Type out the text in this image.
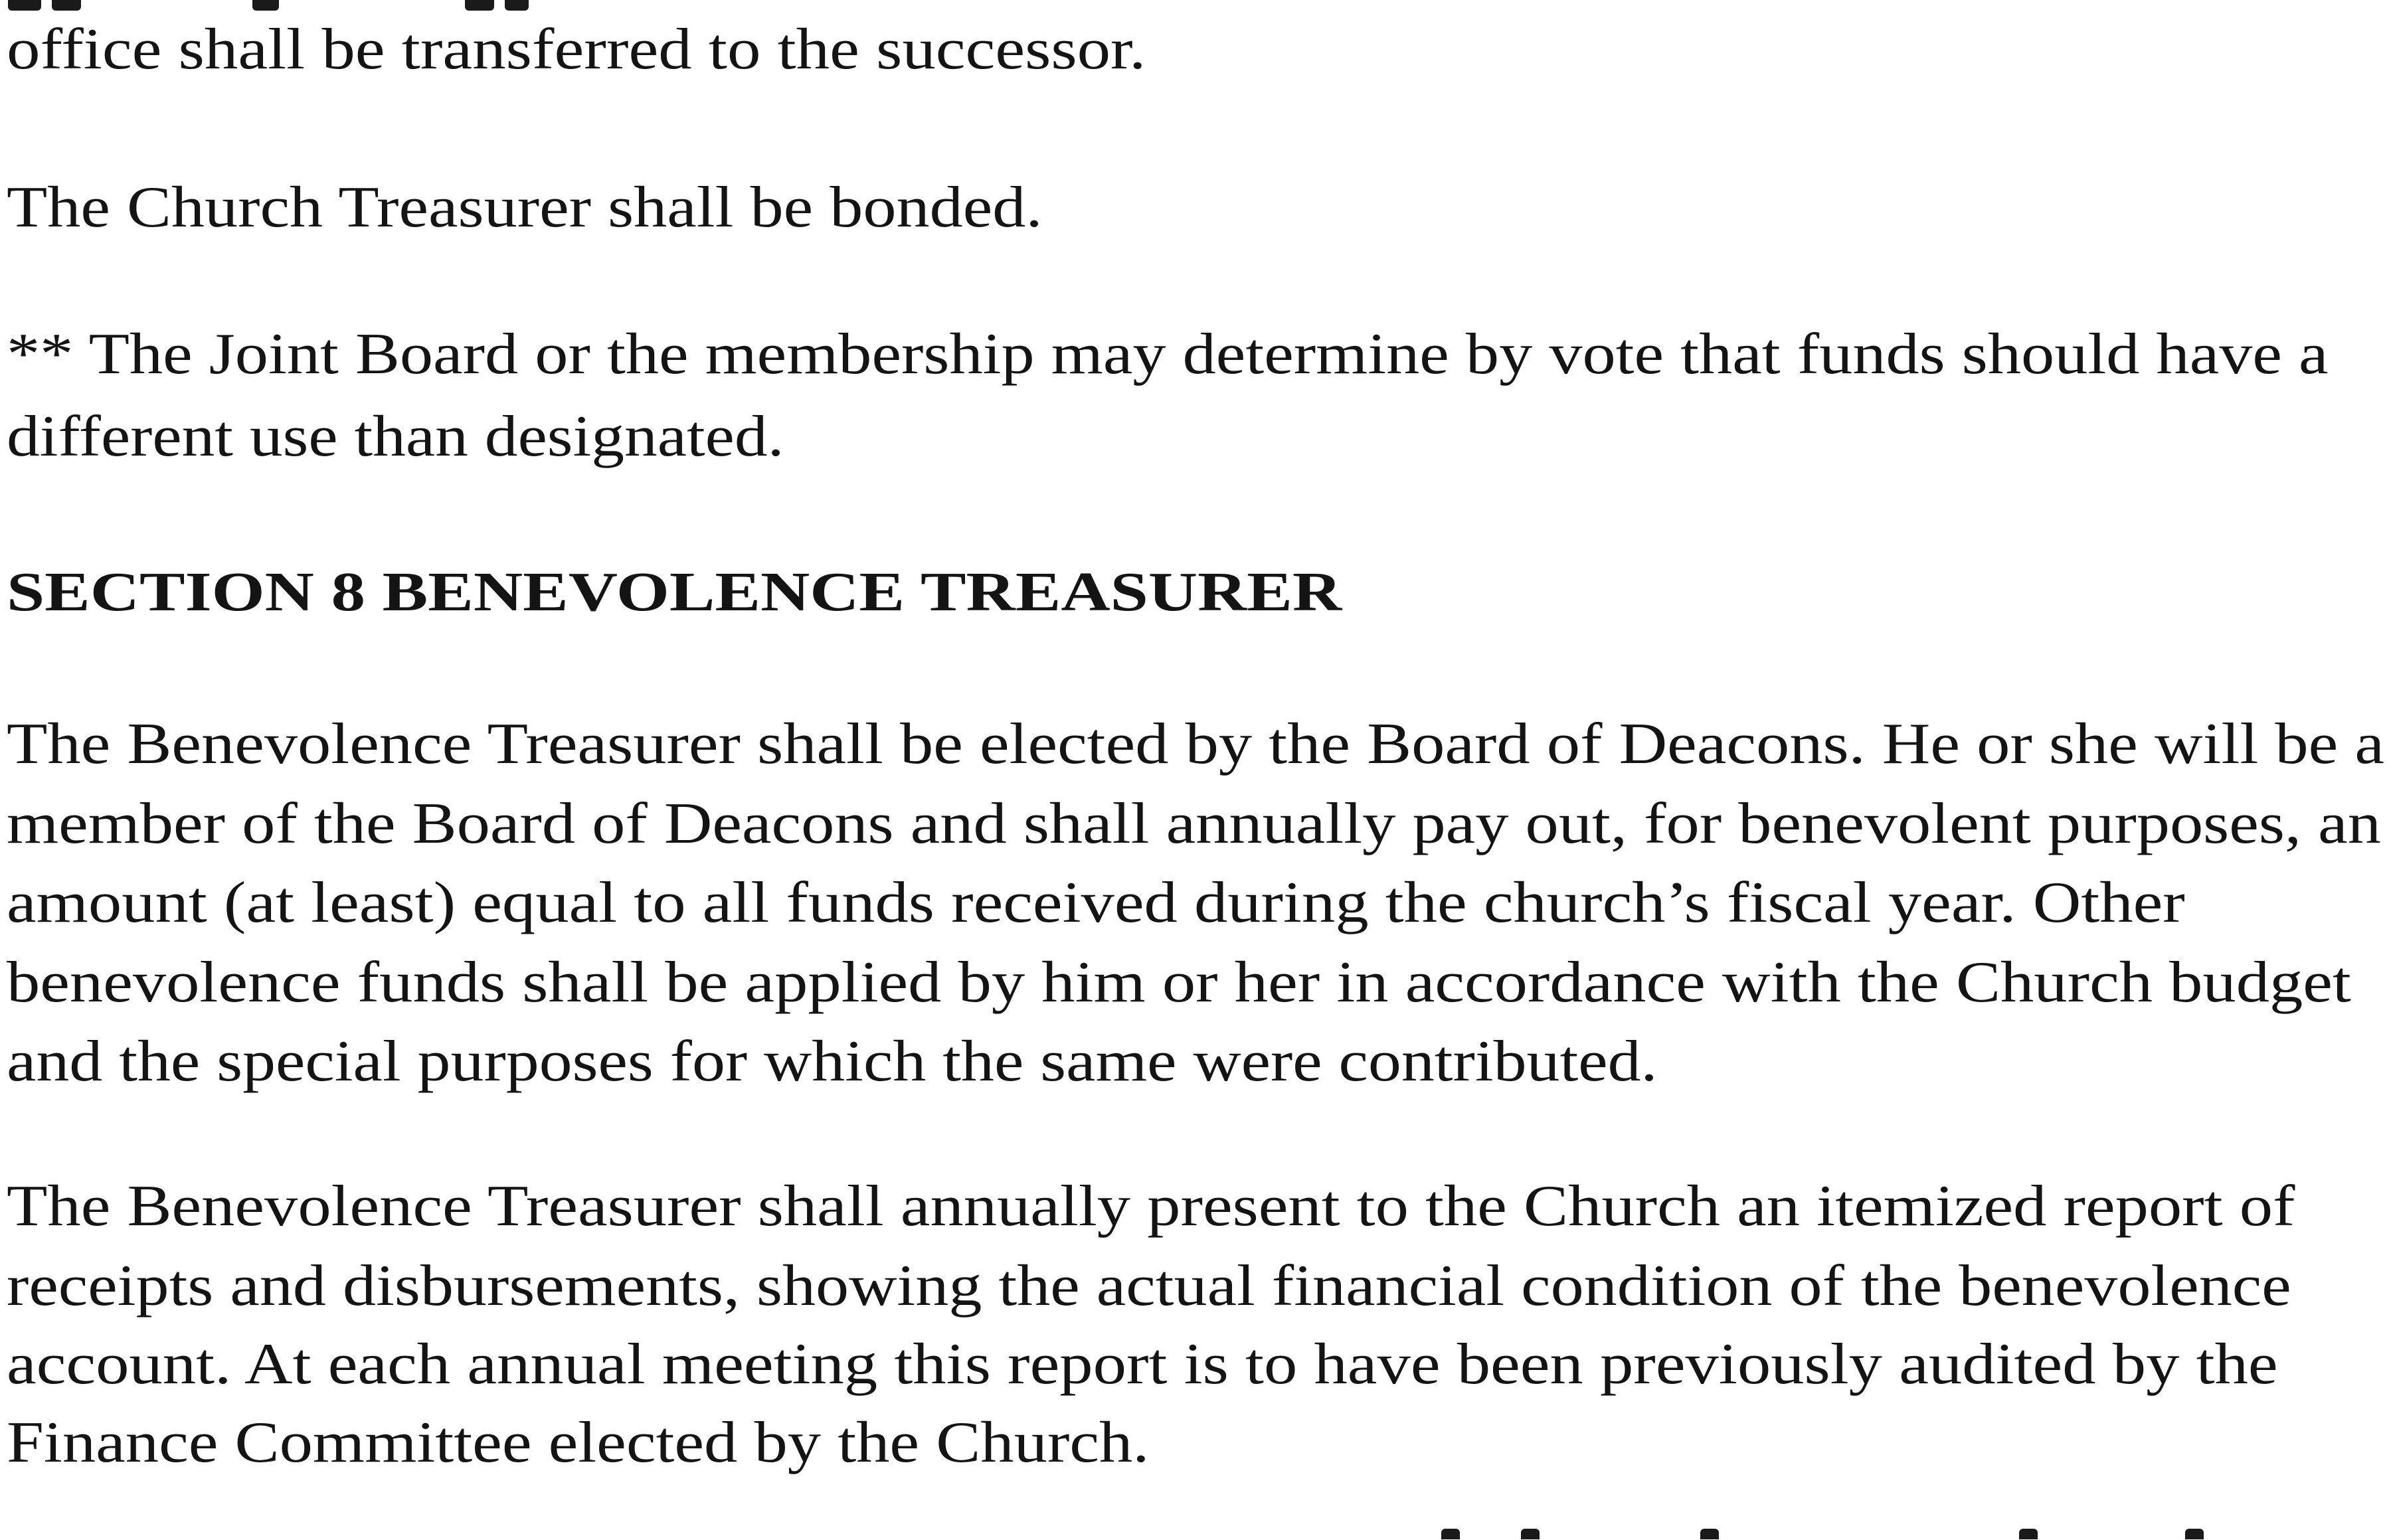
office shall be transferred to the successor.

The Church Treasurer shall be bonded.

** The Joint Board or the membership may determine by vote that funds should have a

different use than designated.

SECTION 8 BENEVOLENCE TREASURER

The Benevolence Treasurer shall be elected by the Board of Deacons. He or she will be a

member of the Board of Deacons and shall annually pay out, for benevolent purposes, an

amount (at least) equal to all funds received during the church’s fiscal year. Other

benevolence funds shall be applied by him or her in accordance with the Church budget

and the special purposes for which the same were contributed.

The Benevolence Treasurer shall annually present to the Church an itemized report of

receipts and disbursements, showing the actual financial condition of the benevolence

account. At each annual meeting this report is to have been previously audited by the

Finance Committee elected by the Church.
